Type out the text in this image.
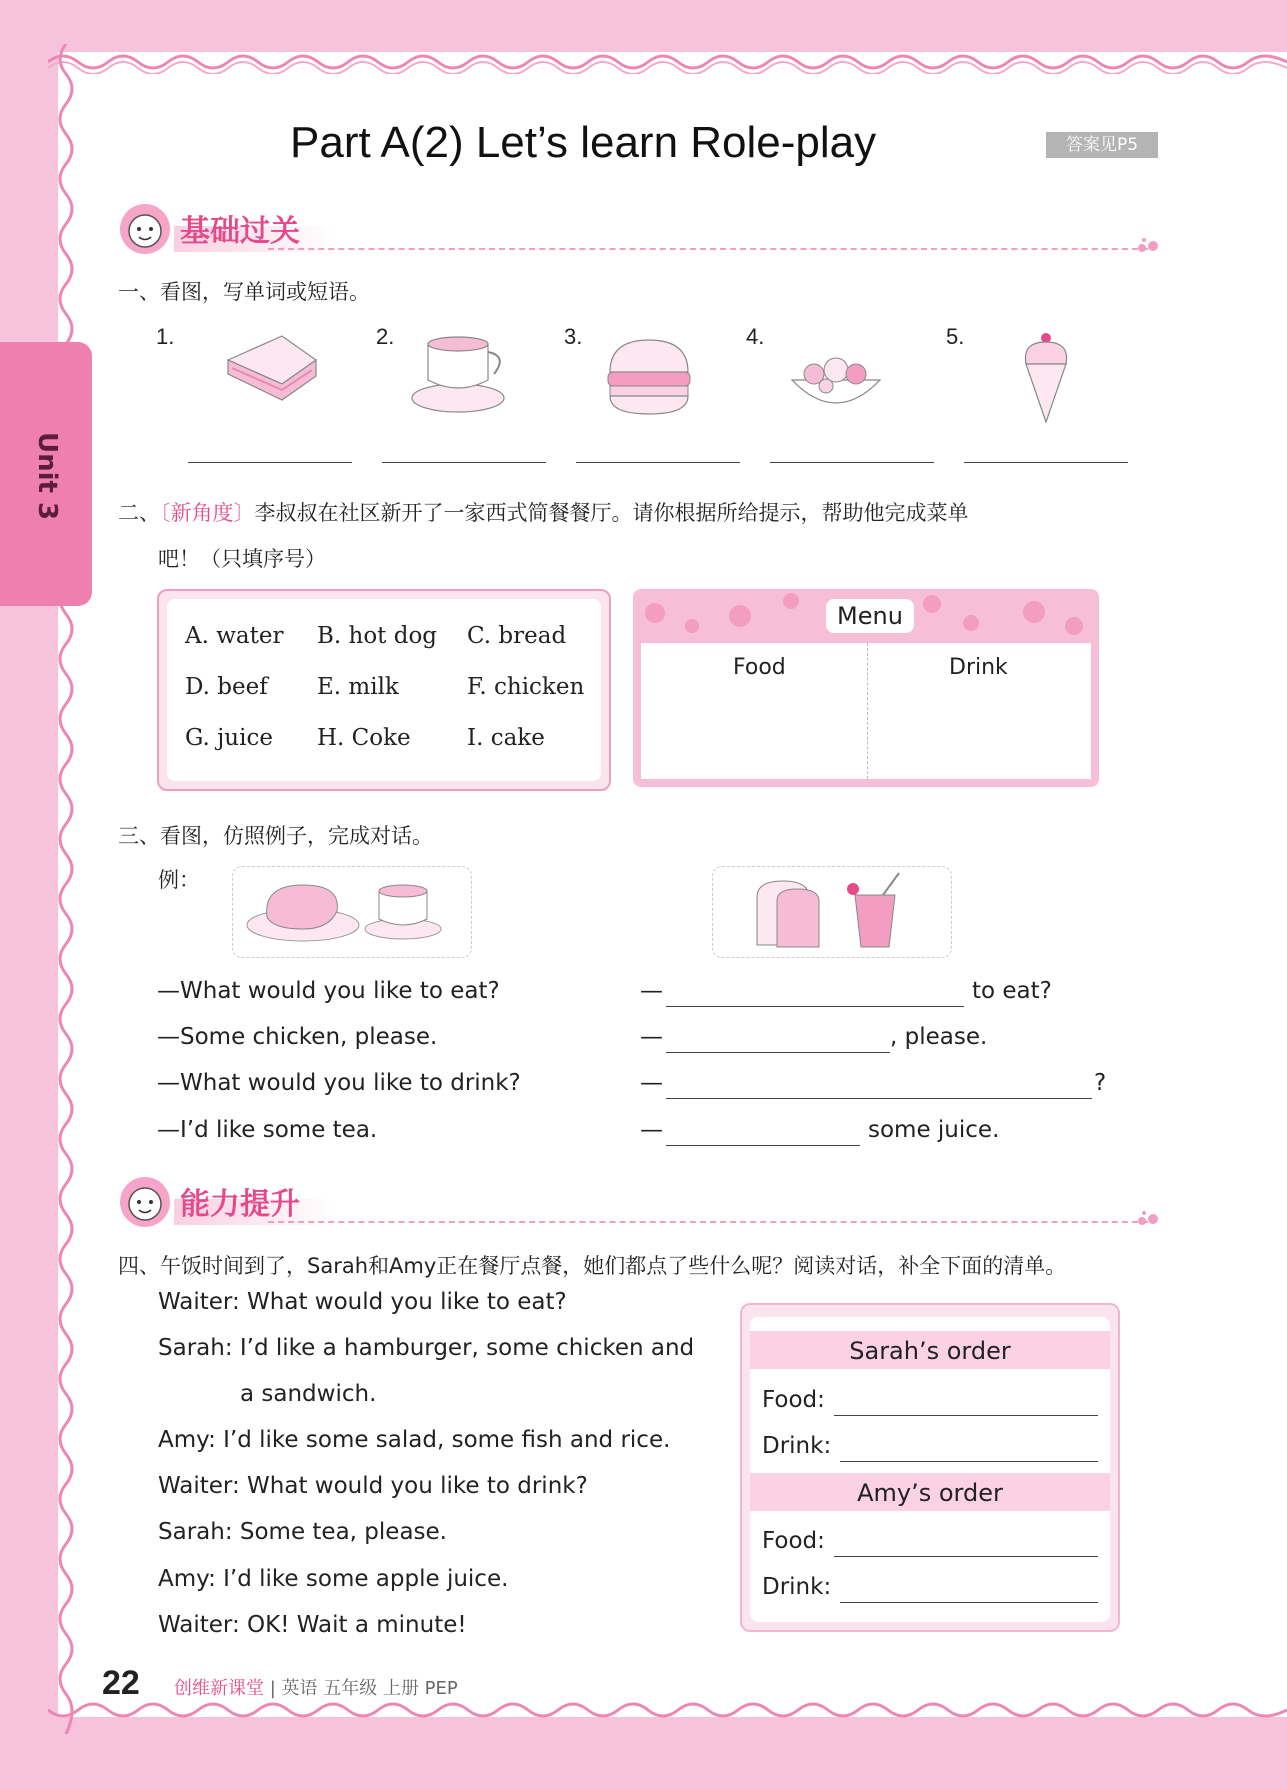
Unit 3
Part A(2) Let’s learn Role-play	答案见P5
基础过关
一、看图，写单词或短语。
1.	2.	3.	4.	5.
二、〔新角度〕李叔叔在社区新开了一家西式简餐餐厅。请你根据所给提示，帮助他完成菜单
吧！（只填序号）
A. water B. hot dog C. bread
D. beef E. milk	F. chicken
G. juice H. Coke I. cake
Food	Drink
Menu
三、看图，仿照例子，完成对话。
例：
—What would you like to eat?
—Some chicken, please.
—What would you like to drink?
—I’d like some tea.
—	to eat?
—	, please.
—	?
—	some juice.
能力提升
四、午饭时间到了，Sarah和Amy正在餐厅点餐，她们都点了些什么呢？阅读对话，补全下面的清单。
Waiter: What would you like to eat?
Sarah: I’d like a hamburger, some chicken and
a sandwich.
Amy: I’d like some salad, some fish and rice.
Waiter: What would you like to drink?
Sarah: Some tea, please.
Amy: I’d like some apple juice.
Waiter: OK! Wait a minute!
Sarah’s order
Food:
Drink:
Amy’s order
Food:
Drink:
22 创维新课堂 | 英语 五年级 上册 PEP
